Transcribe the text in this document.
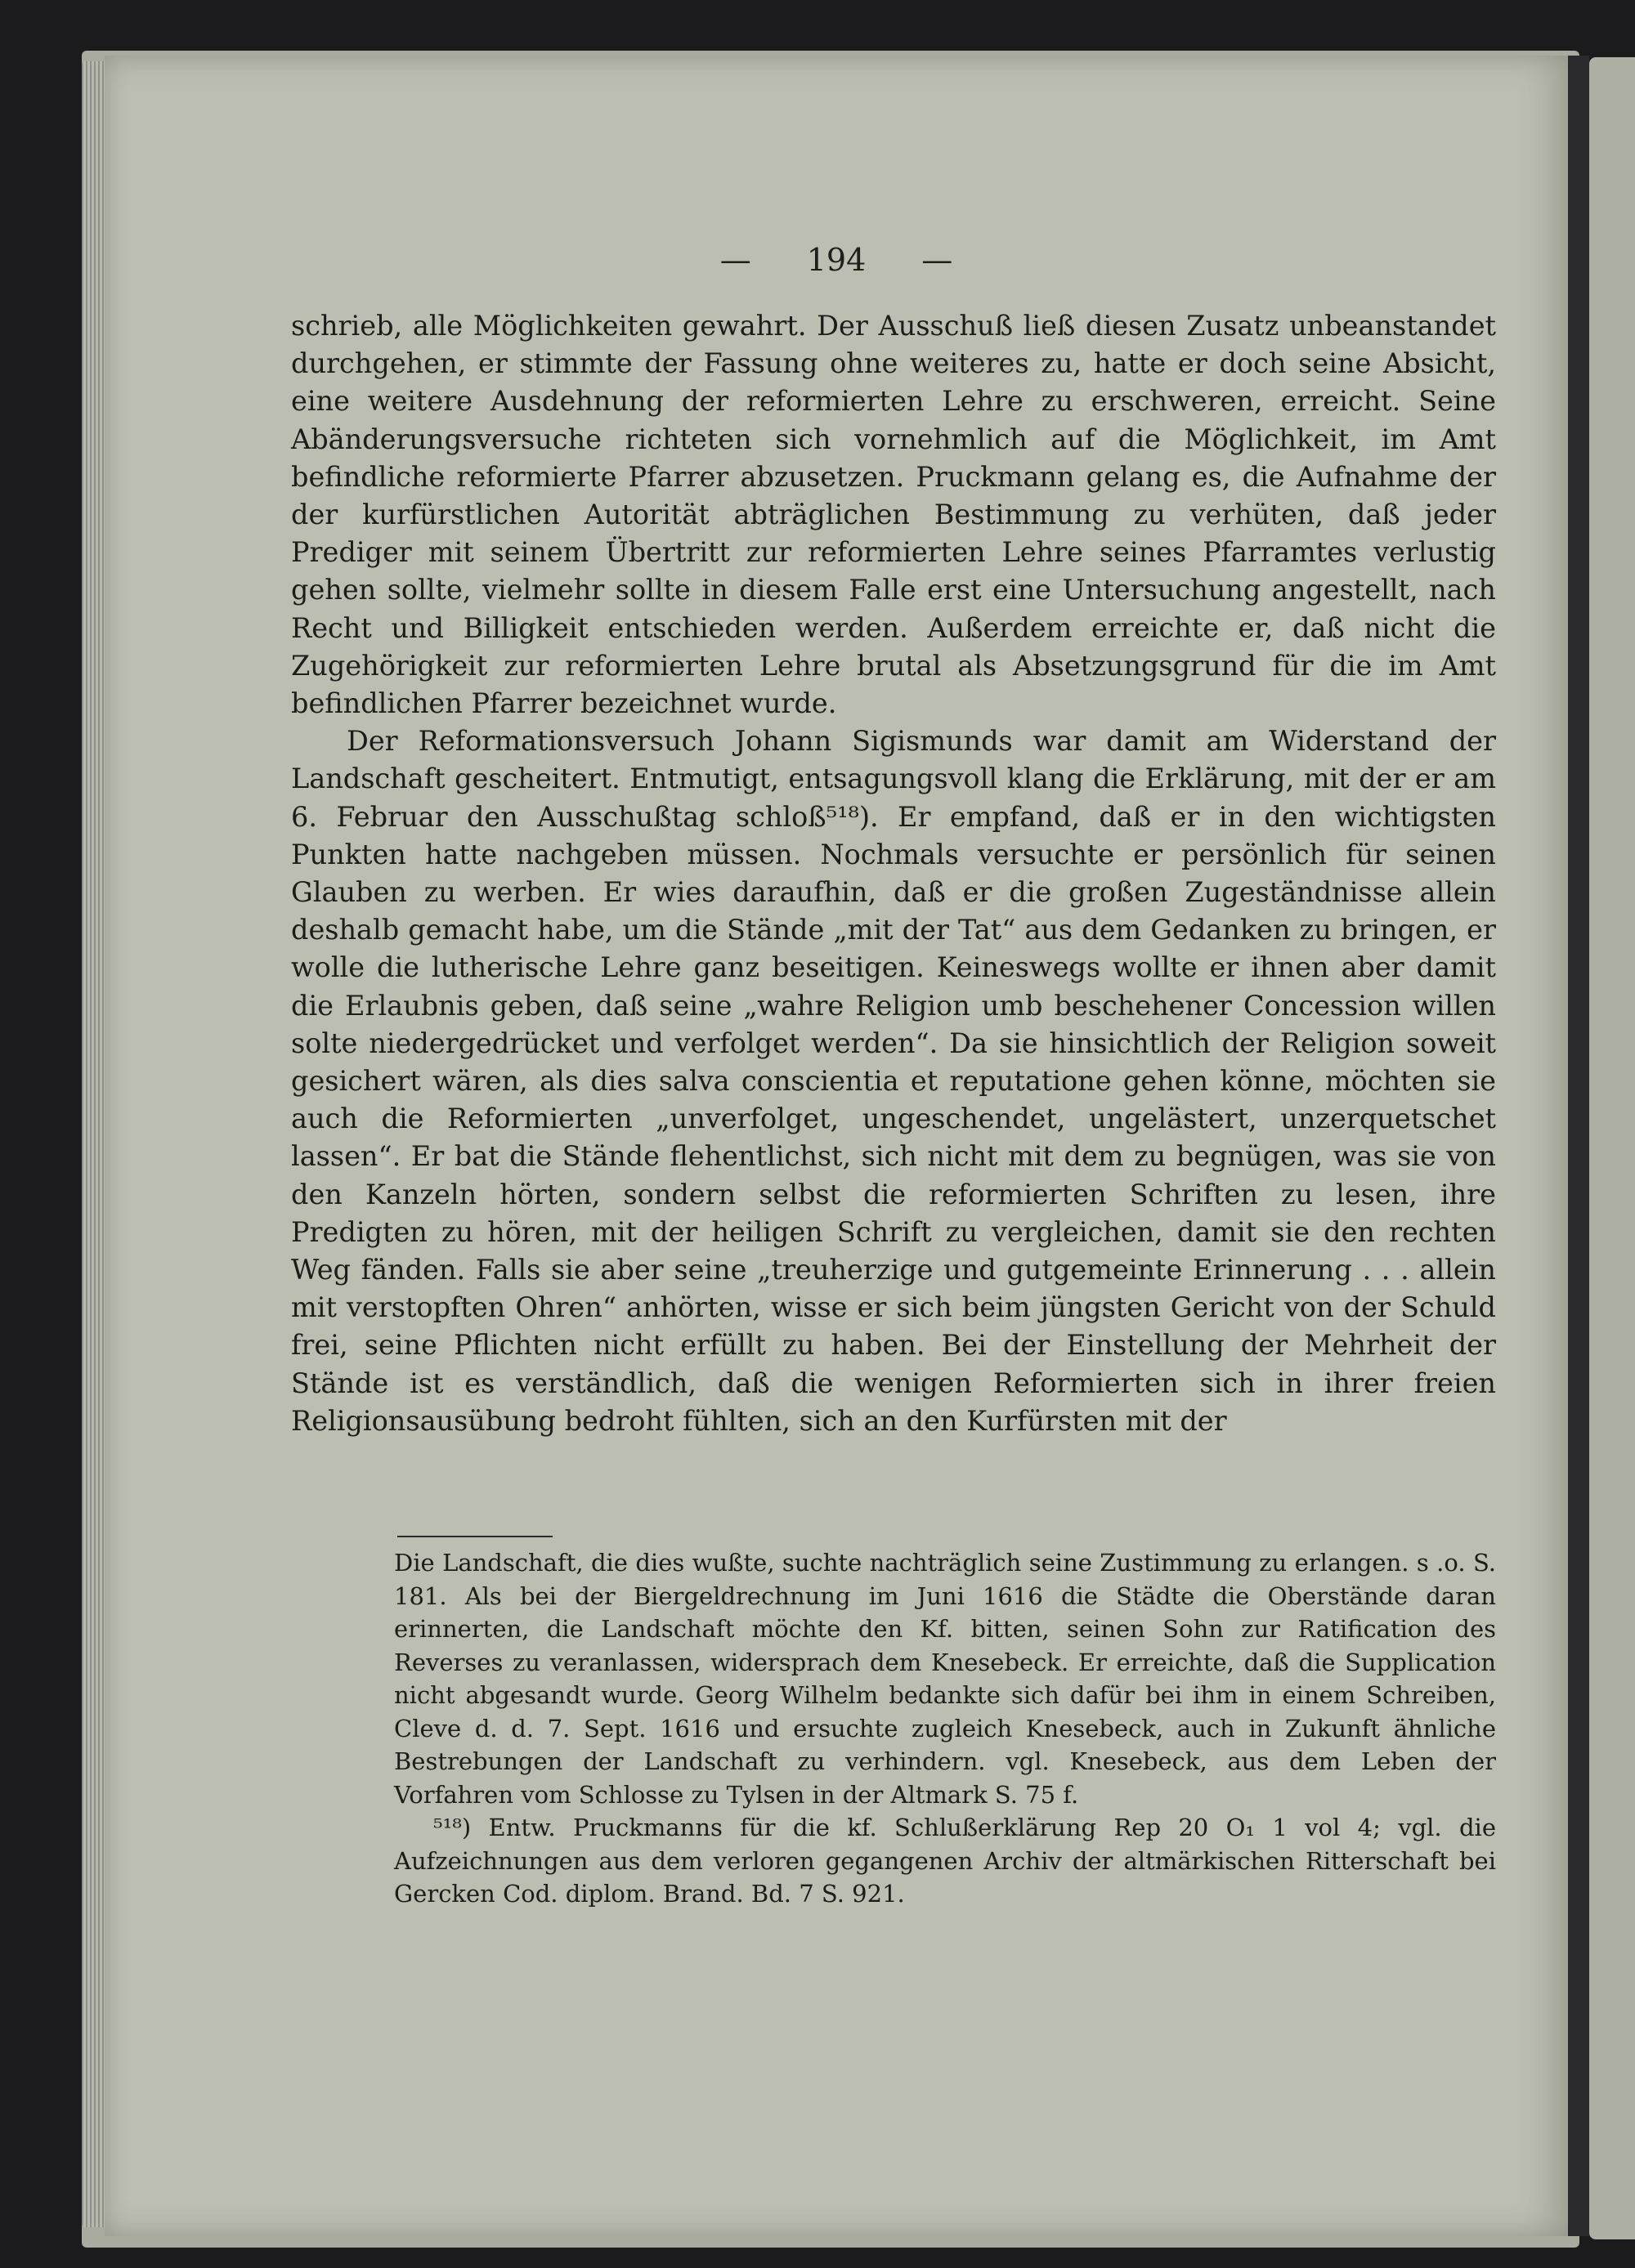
— 194 —

schrieb, alle Möglichkeiten gewahrt. Der Ausschuß ließ diesen Zusatz unbeanstandet durchgehen, er stimmte der Fassung ohne weiteres zu, hatte er doch seine Absicht, eine weitere Ausdehnung der reformierten Lehre zu erschweren, erreicht. Seine Abänderungsversuche richteten sich vornehmlich auf die Möglichkeit, im Amt befindliche reformierte Pfarrer abzusetzen. Pruckmann gelang es, die Aufnahme der der kurfürstlichen Autorität abträglichen Bestimmung zu verhüten, daß jeder Prediger mit seinem Übertritt zur reformierten Lehre seines Pfarramtes verlustig gehen sollte, vielmehr sollte in diesem Falle erst eine Untersuchung angestellt, nach Recht und Billigkeit entschieden werden. Außerdem erreichte er, daß nicht die Zugehörigkeit zur reformierten Lehre brutal als Absetzungsgrund für die im Amt befindlichen Pfarrer bezeichnet wurde.

Der Reformationsversuch Johann Sigismunds war damit am Widerstand der Landschaft gescheitert. Entmutigt, entsagungsvoll klang die Erklärung, mit der er am 6. Februar den Ausschußtag schloß⁵¹⁸). Er empfand, daß er in den wichtigsten Punkten hatte nachgeben müssen. Nochmals versuchte er persönlich für seinen Glauben zu werben. Er wies daraufhin, daß er die großen Zugeständnisse allein deshalb gemacht habe, um die Stände „mit der Tat“ aus dem Gedanken zu bringen, er wolle die lutherische Lehre ganz beseitigen. Keineswegs wollte er ihnen aber damit die Erlaubnis geben, daß seine „wahre Religion umb beschehener Concession willen solte niedergedrücket und verfolget werden“. Da sie hinsichtlich der Religion soweit gesichert wären, als dies salva conscientia et reputatione gehen könne, möchten sie auch die Reformierten „unverfolget, ungeschendet, ungelästert, unzerquetschet lassen“. Er bat die Stände flehentlichst, sich nicht mit dem zu begnügen, was sie von den Kanzeln hörten, sondern selbst die reformierten Schriften zu lesen, ihre Predigten zu hören, mit der heiligen Schrift zu vergleichen, damit sie den rechten Weg fänden. Falls sie aber seine „treuherzige und gutgemeinte Erinnerung . . . allein mit verstopften Ohren“ anhörten, wisse er sich beim jüngsten Gericht von der Schuld frei, seine Pflichten nicht erfüllt zu haben. Bei der Einstellung der Mehrheit der Stände ist es verständlich, daß die wenigen Reformierten sich in ihrer freien Religionsausübung bedroht fühlten, sich an den Kurfürsten mit der

Die Landschaft, die dies wußte, suchte nachträglich seine Zustimmung zu erlangen. s .o. S. 181. Als bei der Biergeldrechnung im Juni 1616 die Städte die Oberstände daran erinnerten, die Landschaft möchte den Kf. bitten, seinen Sohn zur Ratification des Reverses zu veranlassen, widersprach dem Knesebeck. Er erreichte, daß die Supplication nicht abgesandt wurde. Georg Wilhelm bedankte sich dafür bei ihm in einem Schreiben, Cleve d. d. 7. Sept. 1616 und ersuchte zugleich Knesebeck, auch in Zukunft ähnliche Bestrebungen der Landschaft zu verhindern. vgl. Knesebeck, aus dem Leben der Vorfahren vom Schlosse zu Tylsen in der Altmark S. 75 f.

⁵¹⁸) Entw. Pruckmanns für die kf. Schlußerklärung Rep 20 O₁ 1 vol 4; vgl. die Aufzeichnungen aus dem verloren gegangenen Archiv der altmärkischen Ritterschaft bei Gercken Cod. diplom. Brand. Bd. 7 S. 921.
